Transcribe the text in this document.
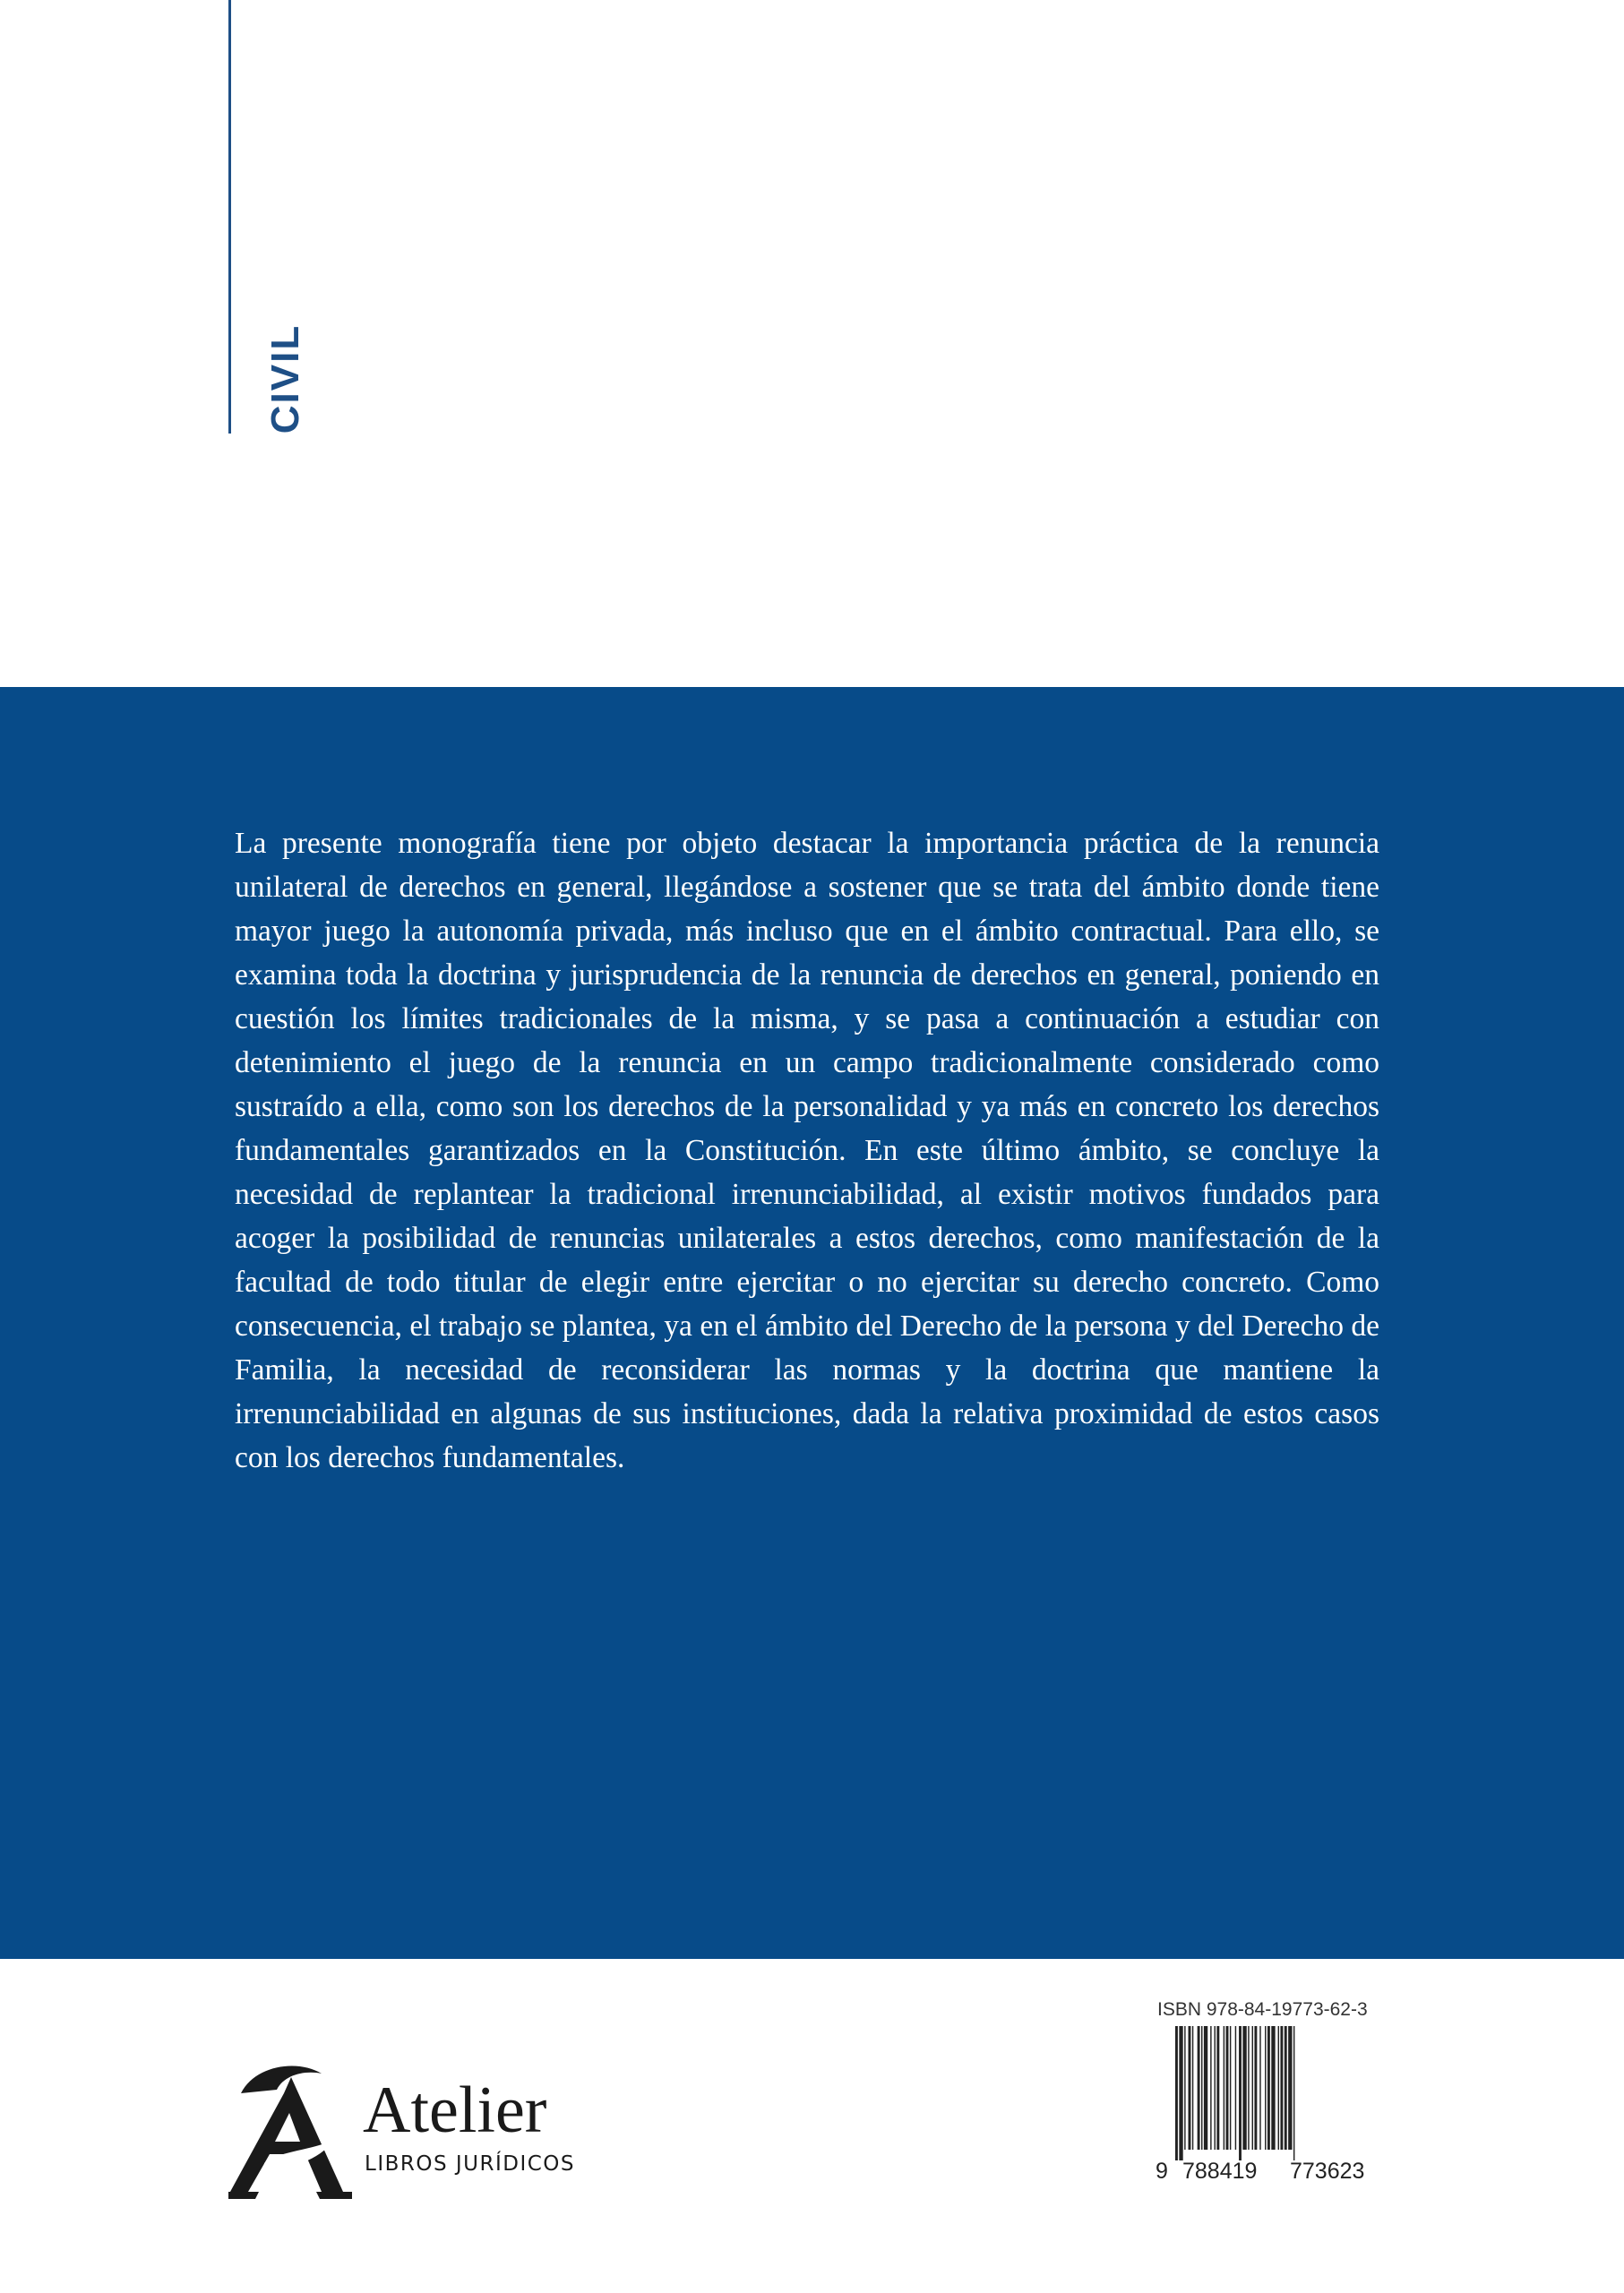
CIVIL

La presente monografía tiene por objeto destacar la importancia práctica de la renuncia unilateral de derechos en general, llegándose a sostener que se trata del ámbito donde tiene mayor juego la autonomía privada, más incluso que en el ámbito contractual. Para ello, se examina toda la doctrina y jurisprudencia de la renuncia de derechos en general, poniendo en cuestión los límites tradicionales de la misma, y se pasa a continuación a estudiar con detenimiento el juego de la renuncia en un campo tradicionalmente considerado como sustraído a ella, como son los derechos de la personalidad y ya más en concreto los derechos fundamentales garantizados en la Constitución. En este último ámbito, se concluye la necesidad de replantear la tradicional irrenunciabilidad, al existir motivos fundados para acoger la posibilidad de renuncias unilaterales a estos derechos, como manifestación de la facultad de todo titular de elegir entre ejercitar o no ejercitar su derecho concreto. Como consecuencia, el trabajo se plantea, ya en el ámbito del Derecho de la persona y del Derecho de Familia, la necesidad de reconsiderar las normas y la doctrina que mantiene la irrenunciabilidad en algunas de sus instituciones, dada la relativa proximidad de estos casos con los derechos fundamentales.

Atelier
LIBROS JURÍDICOS
ISBN 978-84-19773-62-3
9 788419 773623
